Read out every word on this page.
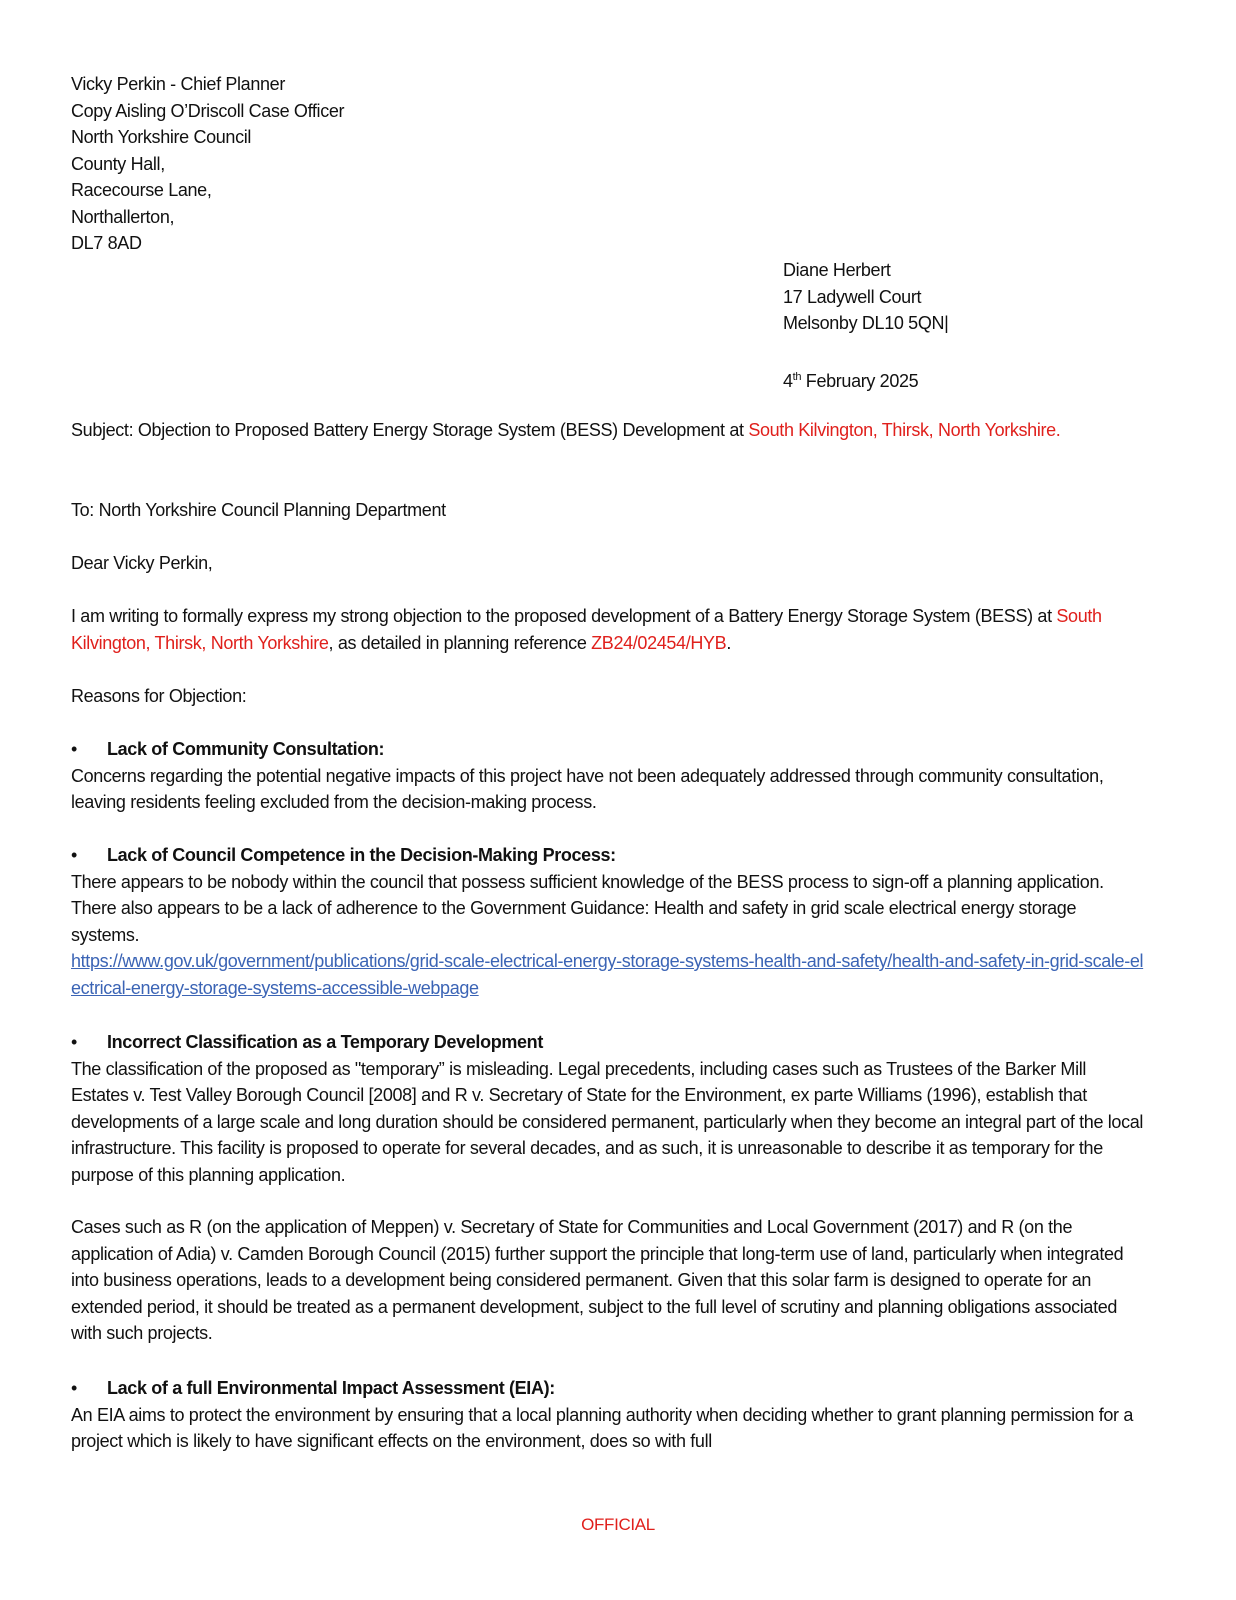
Vicky Perkin - Chief Planner
Copy Aisling O’Driscoll Case Officer
North Yorkshire Council
County Hall,
Racecourse Lane,
Northallerton,
DL7 8AD
Diane Herbert
17 Ladywell Court
Melsonby DL10 5QN|
4th February 2025
Subject: Objection to Proposed Battery Energy Storage System (BESS) Development at South Kilvington, Thirsk, North Yorkshire.
To: North Yorkshire Council Planning Department
Dear Vicky Perkin,
I am writing to formally express my strong objection to the proposed development of a Battery Energy Storage System (BESS) at South Kilvington, Thirsk, North Yorkshire, as detailed in planning reference ZB24/02454/HYB.
Reasons for Objection:
• Lack of Community Consultation:
Concerns regarding the potential negative impacts of this project have not been adequately addressed through community consultation, leaving residents feeling excluded from the decision-making process.
• Lack of Council Competence in the Decision-Making Process:
There appears to be nobody within the council that possess sufficient knowledge of the BESS process to sign-off a planning application. There also appears to be a lack of adherence to the Government Guidance: Health and safety in grid scale electrical energy storage systems.
https://www.gov.uk/government/publications/grid-scale-electrical-energy-storage-systems-health-and-safety/health-and-safety-in-grid-scale-electrical-energy-storage-systems-accessible-webpage
• Incorrect Classification as a Temporary Development
The classification of the proposed as "temporary” is misleading. Legal precedents, including cases such as Trustees of the Barker Mill Estates v. Test Valley Borough Council [2008] and R v. Secretary of State for the Environment, ex parte Williams (1996), establish that developments of a large scale and long duration should be considered permanent, particularly when they become an integral part of the local infrastructure. This facility is proposed to operate for several decades, and as such, it is unreasonable to describe it as temporary for the purpose of this planning application.
Cases such as R (on the application of Meppen) v. Secretary of State for Communities and Local Government (2017) and R (on the application of Adia) v. Camden Borough Council (2015) further support the principle that long-term use of land, particularly when integrated into business operations, leads to a development being considered permanent. Given that this solar farm is designed to operate for an extended period, it should be treated as a permanent development, subject to the full level of scrutiny and planning obligations associated with such projects.
• Lack of a full Environmental Impact Assessment (EIA):
An EIA aims to protect the environment by ensuring that a local planning authority when deciding whether to grant planning permission for a project which is likely to have significant effects on the environment, does so with full
OFFICIAL
